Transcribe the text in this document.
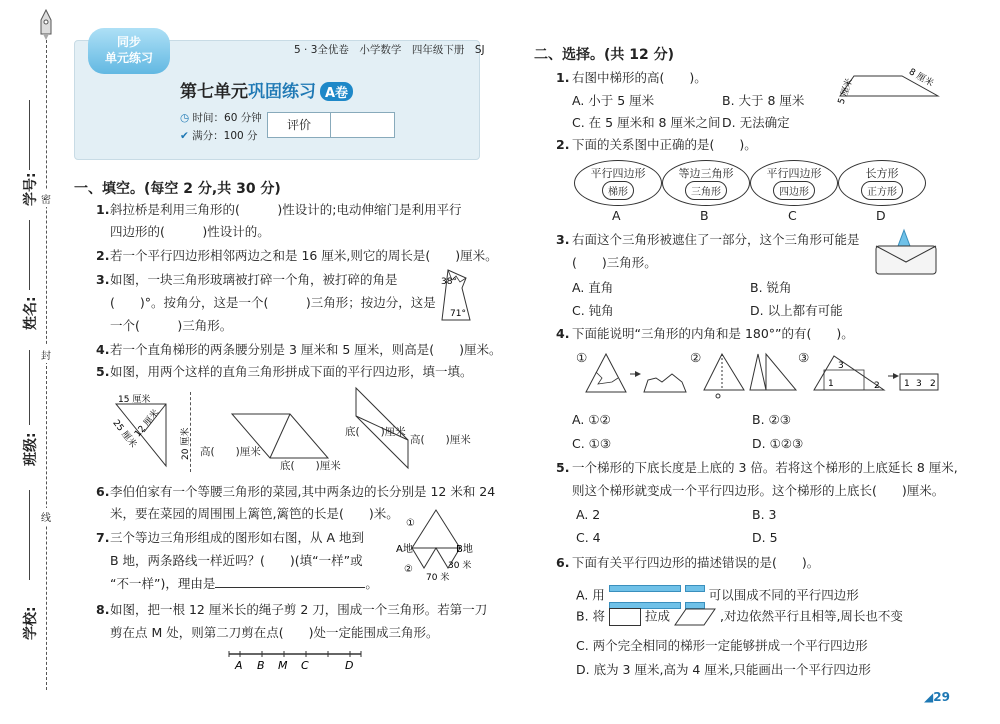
学号:
姓名:
班级:
学校:
密
封
线
同步
单元练习
5 · 3全优卷　小学数学　四年级下册　SJ
第七单元巩固练习 A卷
◷ 时间：60 分钟
✔ 满分：100 分
评价
一、填空。(每空 2 分,共 30 分)
1. 斜拉桥是利用三角形的(　　　)性设计的;电动伸缩门是利用平行
四边形的(　　　)性设计的。
2. 若一个平行四边形相邻两边之和是 16 厘米,则它的周长是(　　)厘米。
3. 如图，一块三角形玻璃被打碎一个角，被打碎的角是
(　　)°。按角分，这是一个(　　　)三角形；按边分，这是
一个(　　　)三角形。
38°
71°
4. 若一个直角梯形的两条腰分别是 3 厘米和 5 厘米，则高是(　　)厘米。
5. 如图，用两个这样的直角三角形拼成下面的平行四边形，填一填。
15 厘米
12 厘米
25 厘米	20 厘米 高(　　)厘米
底(　　)厘米
底(　　)厘米
高(　　)厘米
6. 李伯伯家有一个等腰三角形的菜园,其中两条边的长分别是 12 米和 24
米，要在菜园的周围围上篱笆,篱笆的长是(　　)米。
7. 三个等边三角形组成的图形如右图，从 A 地到
B 地，两条路线一样近吗？(　　)(填“一样”或
“不一样”)，理由是	。
①
②
A地	B地
30 米
70 米
8. 如图，把一根 12 厘米长的绳子剪 2 刀，围成一个三角形。若第一刀
剪在点 M 处，则第二刀剪在点(　　)处一定能围成三角形。
A B M C	D
二、选择。(共 12 分)
1. 右图中梯形的高(　　)。
A. 小于 5 厘米	B. 大于 8 厘米
C. 在 5 厘米和 8 厘米之间 D. 无法确定
5 厘米	8 厘米
2. 下面的关系图中正确的是(　　)。
平行四边形
梯形
等边三角形
三角形
平行四边形
四边形
长方形
正方形
A	B	C	D
3. 右面这个三角形被遮住了一部分，这个三角形可能是
(　　)三角形。
A. 直角	B. 锐角
C. 钝角	D. 以上都有可能
4. 下面能说明“三角形的内角和是 180°”的有(　　)。
①	②	③
1
3
2	1 3 2
A. ①②	B. ②③
C. ①③	D. ①②③
5. 一个梯形的下底长度是上底的 3 倍。若将这个梯形的上底延长 8 厘米,
则这个梯形就变成一个平行四边形。这个梯形的上底长(　　)厘米。
A. 2	B. 3
C. 4	D. 5
6. 下面有关平行四边形的描述错误的是(　　)。
A. 用

	可以围成不同的平行四边形
B. 将	拉成	,对边依然平行且相等,周长也不变
C. 两个完全相同的梯形一定能够拼成一个平行四边形
D. 底为 3 厘米,高为 4 厘米,只能画出一个平行四边形
◢29
